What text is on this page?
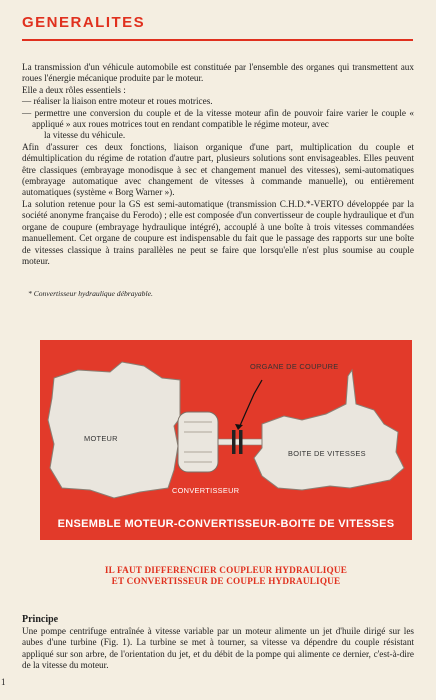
GENERALITES

La transmission d'un véhicule automobile est constituée par l'ensemble des organes qui transmettent aux roues l'énergie mécanique produite par le moteur.

Elle a deux rôles essentiels :

— réaliser la liaison entre moteur et roues motrices.

— permettre une conversion du couple et de la vitesse moteur afin de pouvoir faire varier le couple « appliqué » aux roues motrices tout en rendant compatible le régime moteur, avec

la vitesse du véhicule.

Afin d'assurer ces deux fonctions, liaison organique d'une part, multiplication du couple et démultiplication du régime de rotation d'autre part, plusieurs solutions sont envisageables. Elles peuvent être classiques (embrayage monodisque à sec et changement manuel des vitesses), semi-automatiques (embrayage automatique avec changement de vitesses à commande manuelle), ou entièrement automatiques (système « Borg Warner »).

La solution retenue pour la GS est semi-automatique (transmission C.H.D.*-VERTO développée par la société anonyme française du Ferodo) ; elle est composée d'un convertisseur de couple hydraulique et d'un organe de coupure (embrayage hydraulique intégré), accouplé à une boîte à trois vitesses commandées manuellement. Cet organe de coupure est indispensable du fait que le passage des rapports sur une boîte de vitesses classique à trains parallèles ne peut se faire que lorsqu'elle n'est plus soumise au couple moteur.

* Convertisseur hydraulique débrayable.
MOTEUR
ORGANE DE COUPURE
CONVERTISSEUR
BOITE DE VITESSES
ENSEMBLE MOTEUR-CONVERTISSEUR-BOITE DE VITESSES
IL FAUT DIFFERENCIER COUPLEUR HYDRAULIQUE
ET CONVERTISSEUR DE COUPLE HYDRAULIQUE
Principe
Une pompe centrifuge entraînée à vitesse variable par un moteur alimente un jet d'huile dirigé sur les aubes d'une turbine (Fig. 1). La turbine se met à tourner, sa vitesse va dépendre du couple résistant appliqué sur son arbre, de l'orientation du jet, et du débit de la pompe qui alimente ce dernier, c'est-à-dire de la vitesse du moteur.
1
